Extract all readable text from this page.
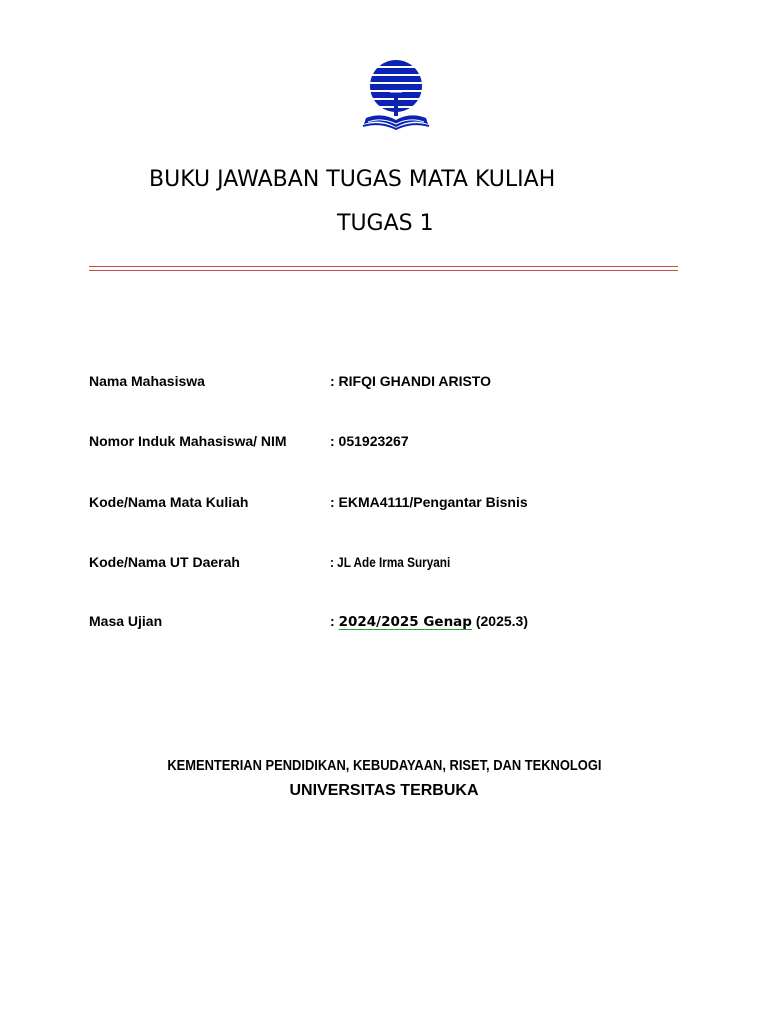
BUKU JAWABAN TUGAS MATA KULIAH
TUGAS 1
Nama Mahasiswa	: RIFQI GHANDI ARISTO
Nomor Induk Mahasiswa/ NIM	: 051923267
Kode/Nama Mata Kuliah	: EKMA4111/Pengantar Bisnis
Kode/Nama UT Daerah	: JL Ade Irma Suryani
Masa Ujian	: 2024/2025 Genap (2025.3)
KEMENTERIAN PENDIDIKAN, KEBUDAYAAN, RISET, DAN TEKNOLOGI
UNIVERSITAS TERBUKA
